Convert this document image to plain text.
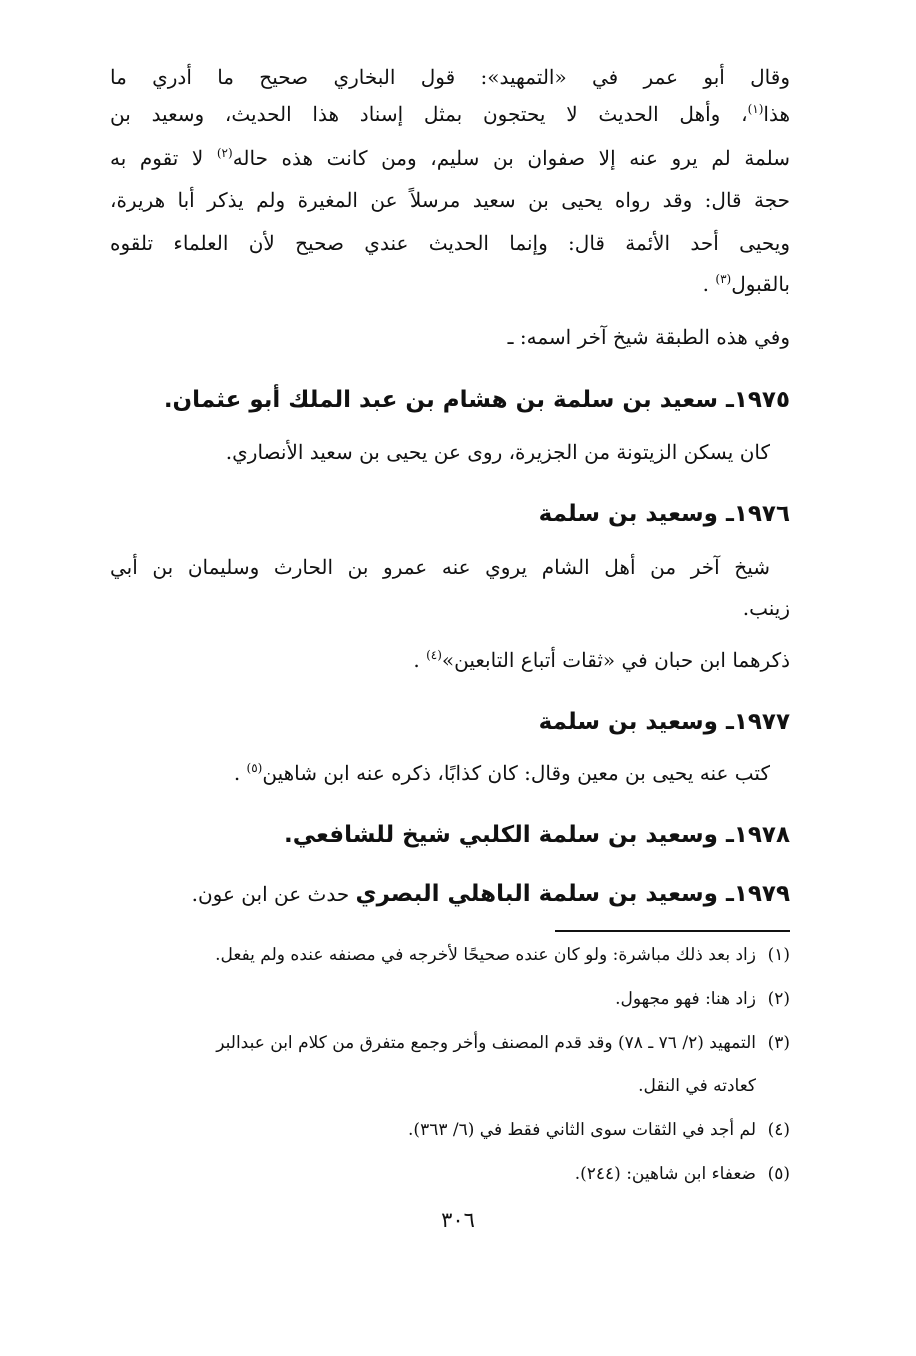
وقال أبو عمر في «التمهيد»: قول البخاري صحيح ما أدري ما
هذا$^{(١)}$، وأهل الحديث لا يحتجون بمثل إسناد هذا الحديث، وسعيد بن
سلمة لم يرو عنه إلا صفوان بن سليم، ومن كانت هذه حاله$^{(٢)}$ لا تقوم به
حجة قال: وقد رواه يحيى بن سعيد مرسلاً عن المغيرة ولم يذكر أبا هريرة،
ويحيى أحد الأئمة قال: وإنما الحديث عندي صحيح لأن العلماء تلقوه
بالقبول$^{(٣)}$ .
وفي هذه الطبقة شيخ آخر اسمه: ـ
١٩٧٥ـ سعيد بن سلمة بن هشام بن عبد الملك أبو عثمان.
كان يسكن الزيتونة من الجزيرة، روى عن يحيى بن سعيد الأنصاري.
١٩٧٦ـ وسعيد بن سلمة
شيخ آخر من أهل الشام يروي عنه عمرو بن الحارث وسليمان بن أبي
زينب.
ذكرهما ابن حبان في «ثقات أتباع التابعين»$^{(٤)}$ .
١٩٧٧ـ وسعيد بن سلمة
كتب عنه يحيى بن معين وقال: كان كذابًا، ذكره عنه ابن شاهين$^{(٥)}$ .
١٩٧٨ـ وسعيد بن سلمة الكلبي شيخ للشافعي.
١٩٧٩ـ وسعيد بن سلمة الباهلي البصري حدث عن ابن عون.
(١)زاد بعد ذلك مباشرة: ولو كان عنده صحيحًا لأخرجه في مصنفه عنده ولم يفعل.
(٢)زاد هنا: فهو مجهول.
(٣)التمهيد (٢/ ٧٦ ـ ٧٨) وقد قدم المصنف وأخر وجمع متفرق من كلام ابن عبدالبر
كعادته في النقل.
(٤)لم أجد في الثقات سوى الثاني فقط في (٦/ ٣٦٣).
(٥)ضعفاء ابن شاهين: (٢٤٤).
٣٠٦
